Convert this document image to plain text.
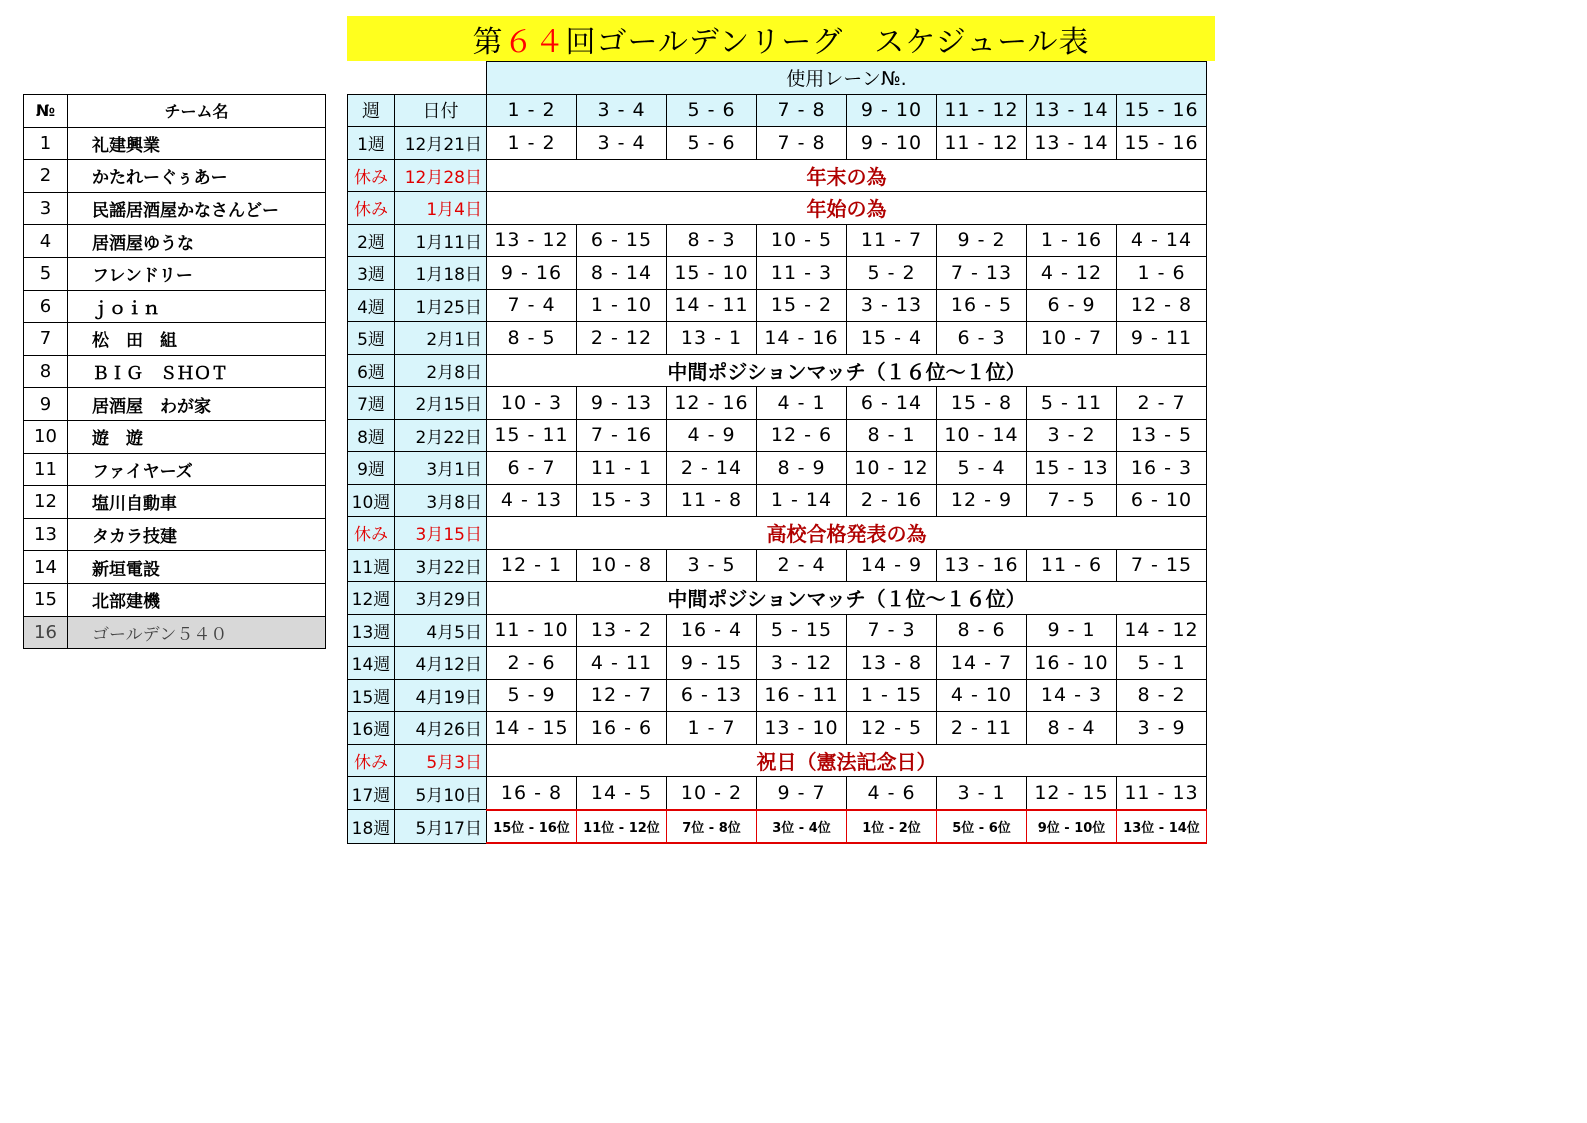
第 ６４ 回ゴールデンリーグ　スケジュール表
№	チーム名
1	礼建興業
2	かたれーぐぅあー
3	民謡居酒屋かなさんどー
4	居酒屋ゆうな
5	フレンドリー
6	ｊｏｉｎ
7	松　田　組
8	ＢＩＧ　ＳＨＯＴ
9	居酒屋　わが家
10	遊　遊
11	ファイヤーズ
12	塩川自動車
13	タカラ技建
14	新垣電設
15	北部建機
16	ゴールデン５４０
		使用レーン№.							
週	日付	1 - 2	3 - 4	5 - 6	7 - 8	9 - 10	11 - 12	13 - 14	15 - 16
1週	12月21日	1 - 2	3 - 4	5 - 6	7 - 8	9 - 10	11 - 12	13 - 14	15 - 16
休み	12月28日	年末の為							
休み	1月4日	年始の為							
2週	1月11日	13 - 12	6 - 15	8 - 3	10 - 5	11 - 7	9 - 2	1 - 16	4 - 14
3週	1月18日	9 - 16	8 - 14	15 - 10	11 - 3	5 - 2	7 - 13	4 - 12	1 - 6
4週	1月25日	7 - 4	1 - 10	14 - 11	15 - 2	3 - 13	16 - 5	6 - 9	12 - 8
5週	2月1日	8 - 5	2 - 12	13 - 1	14 - 16	15 - 4	6 - 3	10 - 7	9 - 11
6週	2月8日	中間ポジションマッチ（１６位～１位）							
7週	2月15日	10 - 3	9 - 13	12 - 16	4 - 1	6 - 14	15 - 8	5 - 11	2 - 7
8週	2月22日	15 - 11	7 - 16	4 - 9	12 - 6	8 - 1	10 - 14	3 - 2	13 - 5
9週	3月1日	6 - 7	11 - 1	2 - 14	8 - 9	10 - 12	5 - 4	15 - 13	16 - 3
10週	3月8日	4 - 13	15 - 3	11 - 8	1 - 14	2 - 16	12 - 9	7 - 5	6 - 10
休み	3月15日	高校合格発表の為							
11週	3月22日	12 - 1	10 - 8	3 - 5	2 - 4	14 - 9	13 - 16	11 - 6	7 - 15
12週	3月29日	中間ポジションマッチ（１位～１６位）							
13週	4月5日	11 - 10	13 - 2	16 - 4	5 - 15	7 - 3	8 - 6	9 - 1	14 - 12
14週	4月12日	2 - 6	4 - 11	9 - 15	3 - 12	13 - 8	14 - 7	16 - 10	5 - 1
15週	4月19日	5 - 9	12 - 7	6 - 13	16 - 11	1 - 15	4 - 10	14 - 3	8 - 2
16週	4月26日	14 - 15	16 - 6	1 - 7	13 - 10	12 - 5	2 - 11	8 - 4	3 - 9
休み	5月3日	祝日（憲法記念日）							
17週	5月10日	16 - 8	14 - 5	10 - 2	9 - 7	4 - 6	3 - 1	12 - 15	11 - 13
18週	5月17日	15位 - 16位	11位 - 12位	7位 - 8位	3位 - 4位	1位 - 2位	5位 - 6位	9位 - 10位	13位 - 14位
